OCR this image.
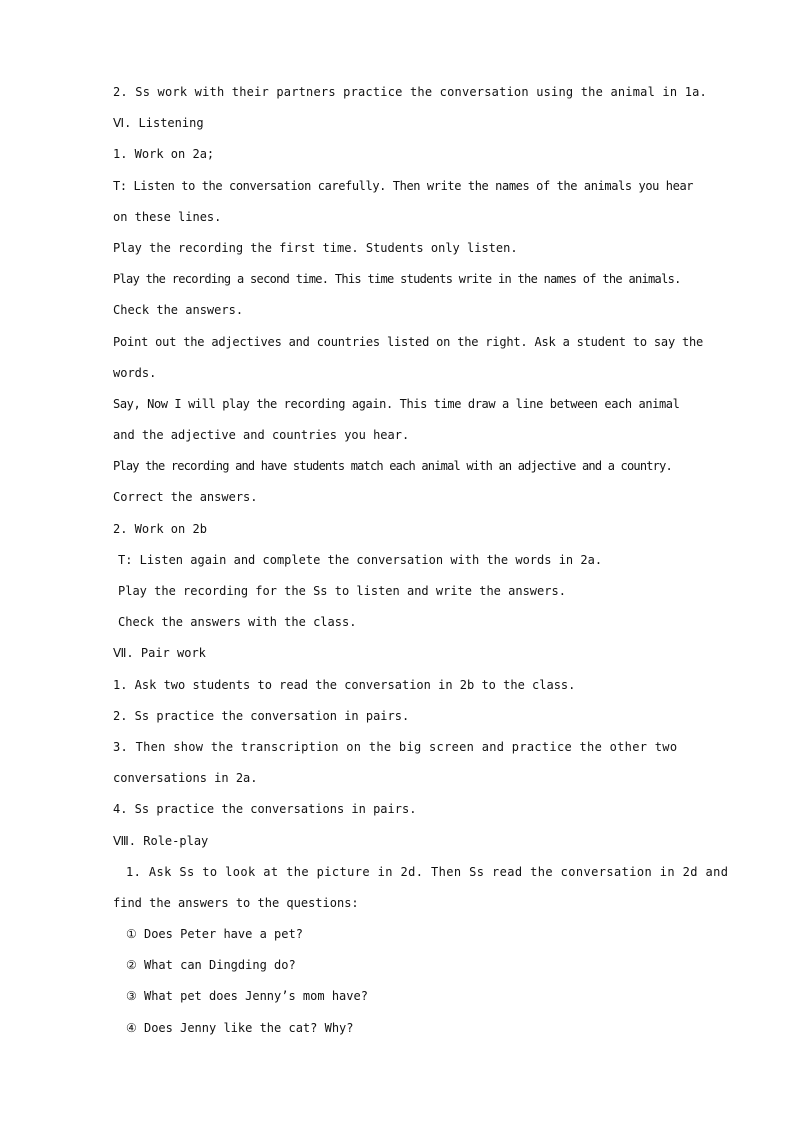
2. Ss work with their partners practice the conversation using the animal in 1a.
Ⅵ. Listening
1. Work on 2a;
T: Listen to the conversation carefully. Then write the names of the animals you hear
on these lines.
Play the recording the first time. Students only listen.
Play the recording a second time. This time students write in the names of the animals.
Check the answers.
Point out the adjectives and countries listed on the right. Ask a student to say the
words.
Say, Now I will play the recording again. This time draw a line between each animal
and the adjective and countries you hear.
Play the recording and have students match each animal with an adjective and a country.
Correct the answers.
2. Work on 2b
T: Listen again and complete the conversation with the words in 2a.
Play the recording for the Ss to listen and write the answers.
Check the answers with the class.
Ⅶ. Pair work
1. Ask two students to read the conversation in 2b to the class.
2. Ss practice the conversation in pairs.
3. Then show the transcription on the big screen and practice the other two
conversations in 2a.
4. Ss practice the conversations in pairs.
Ⅷ. Role-play
1. Ask Ss to look at the picture in 2d. Then Ss read the conversation in 2d and
find the answers to the questions:
① Does Peter have a pet?
② What can Dingding do?
③ What pet does Jenny’s mom have?
④ Does Jenny like the cat? Why?
